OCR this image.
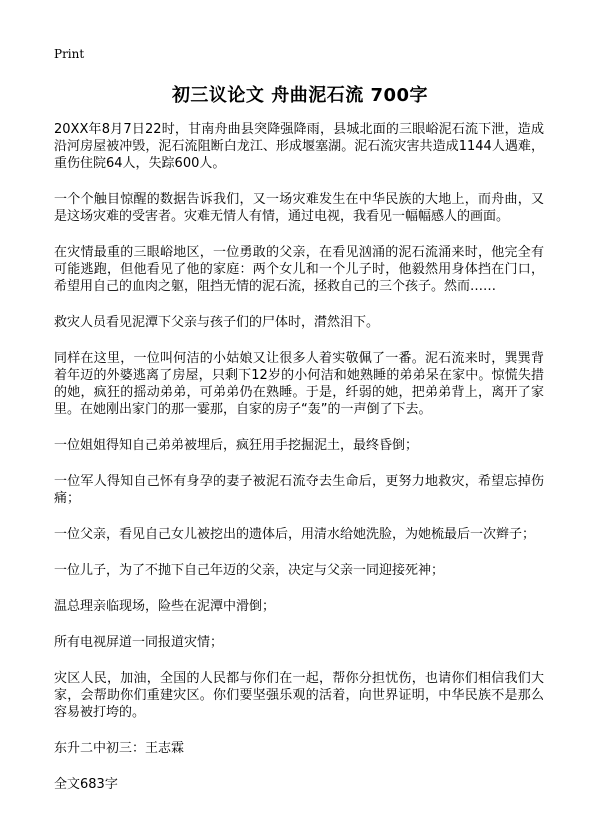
Print
初三议论文 舟曲泥石流 700字

20XX年8月7日22时，甘南舟曲县突降强降雨，县城北面的三眼峪泥石流下泄，造成沿河房屋被冲毁，泥石流阻断白龙江、形成堰塞湖。泥石流灾害共造成1144人遇难，重伤住院64人，失踪600人。

一个个触目惊醒的数据告诉我们，又一场灾难发生在中华民族的大地上，而舟曲，又是这场灾难的受害者。灾难无情人有情，通过电视，我看见一幅幅感人的画面。

在灾情最重的三眼峪地区，一位勇敢的父亲，在看见汹涌的泥石流涌来时，他完全有可能逃跑，但他看见了他的家庭：两个女儿和一个儿子时，他毅然用身体挡在门口，希望用自己的血肉之躯，阻挡无情的泥石流，拯救自己的三个孩子。然而……

救灾人员看见泥潭下父亲与孩子们的尸体时，潸然泪下。

同样在这里，一位叫何洁的小姑娘又让很多人着实敬佩了一番。泥石流来时，巽巽背着年迈的外婆逃离了房屋，只剩下12岁的小何洁和她熟睡的弟弟呆在家中。惊慌失措的她，疯狂的摇动弟弟，可弟弟仍在熟睡。于是，纤弱的她，把弟弟背上，离开了家里。在她刚出家门的那一霎那，自家的房子“轰”的一声倒了下去。

一位姐姐得知自己弟弟被埋后，疯狂用手挖掘泥土，最终昏倒；

一位军人得知自己怀有身孕的妻子被泥石流夺去生命后，更努力地救灾，希望忘掉伤痛；

一位父亲，看见自己女儿被挖出的遗体后，用清水给她洗脸，为她梳最后一次辫子；

一位儿子，为了不抛下自己年迈的父亲，决定与父亲一同迎接死神；

温总理亲临现场，险些在泥潭中滑倒；

所有电视屏道一同报道灾情；

灾区人民，加油，全国的人民都与你们在一起，帮你分担忧伤，也请你们相信我们大家，会帮助你们重建灾区。你们要坚强乐观的活着，向世界证明，中华民族不是那么容易被打垮的。

东升二中初三：王志霖

全文683字
